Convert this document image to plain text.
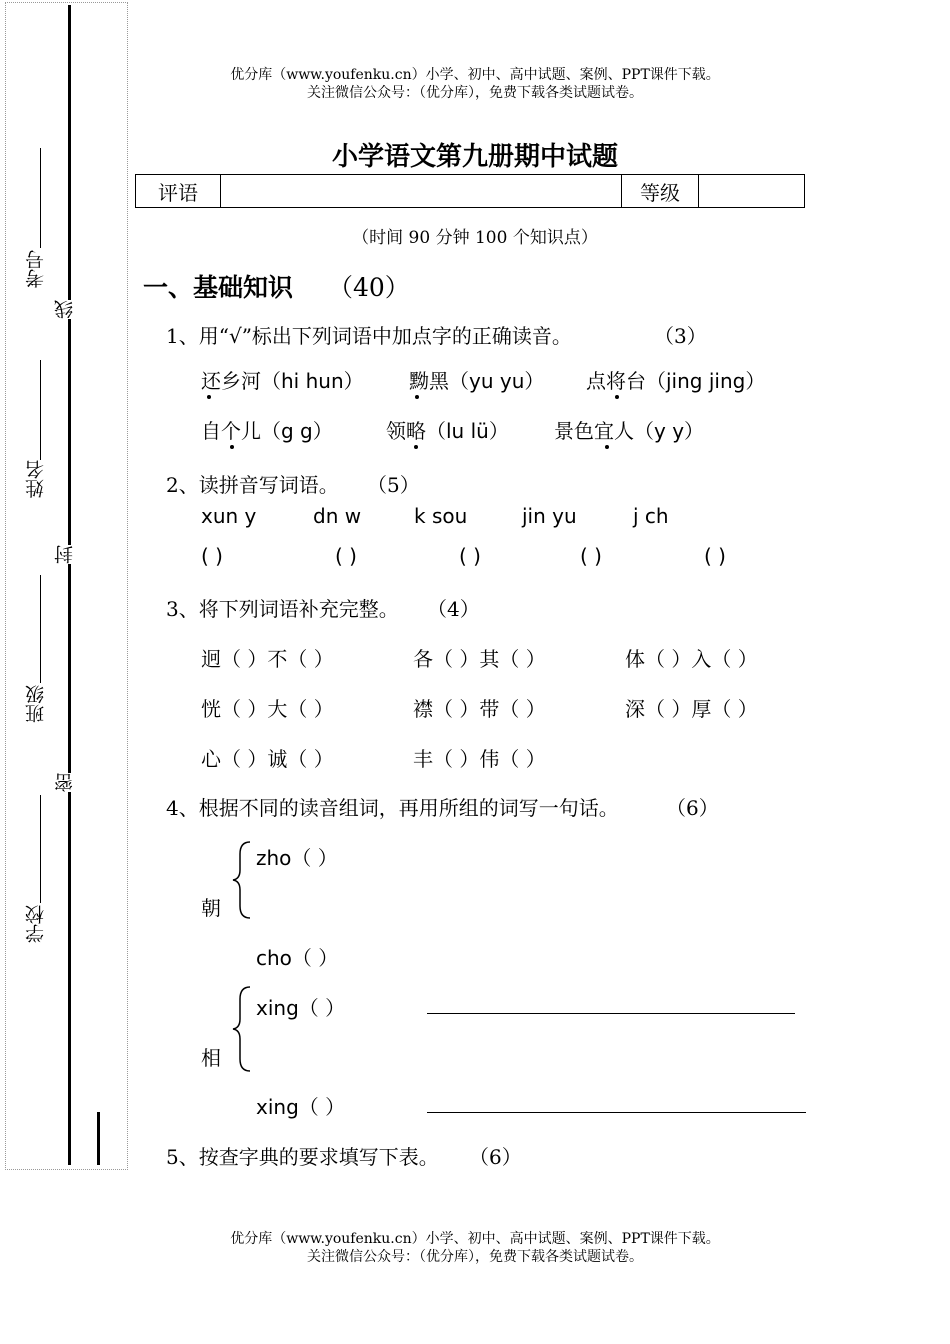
优分库（www.youfenku.cn）小学、初中、高中试题、案例、PPT课件下载。
关注微信公众号：（优分库），免费下载各类试题试卷。
考号
姓名
班级
学校
线
封
密
小学语文第九册期中试题
评语		等级	
（时间 90 分钟 100 个知识点）
一、基础知识 （40）
1、用“√”标出下列词语中加点字的正确读音。	（3）
还乡河（hi hun） 黝黑（yu yu） 点将台（jing jing）
自个儿（g g）	领略（lu lü） 景色宜人（y y）
2、读拼音写词语。 （5）
xun y	dn w	k sou	jin yu	j ch
( )	( )	( )	( )	( )
3、将下列词语补充完整。 （4）
迥（ ）不（ ）	各（ ）其（ ）	体（ ）入（ ）
恍（ ）大（ ）	襟（ ）带（ ）	深（ ）厚（ ）
心（ ）诚（ ）	丰（ ）伟（ ）
4、根据不同的读音组词，再用所组的词写一句话。 （6）
朝
zho（ ）
cho（ ）
相
xing（ ）
xing（ ）
5、按查字典的要求填写下表。 （6）
优分库（www.youfenku.cn）小学、初中、高中试题、案例、PPT课件下载。
关注微信公众号：（优分库），免费下载各类试题试卷。
